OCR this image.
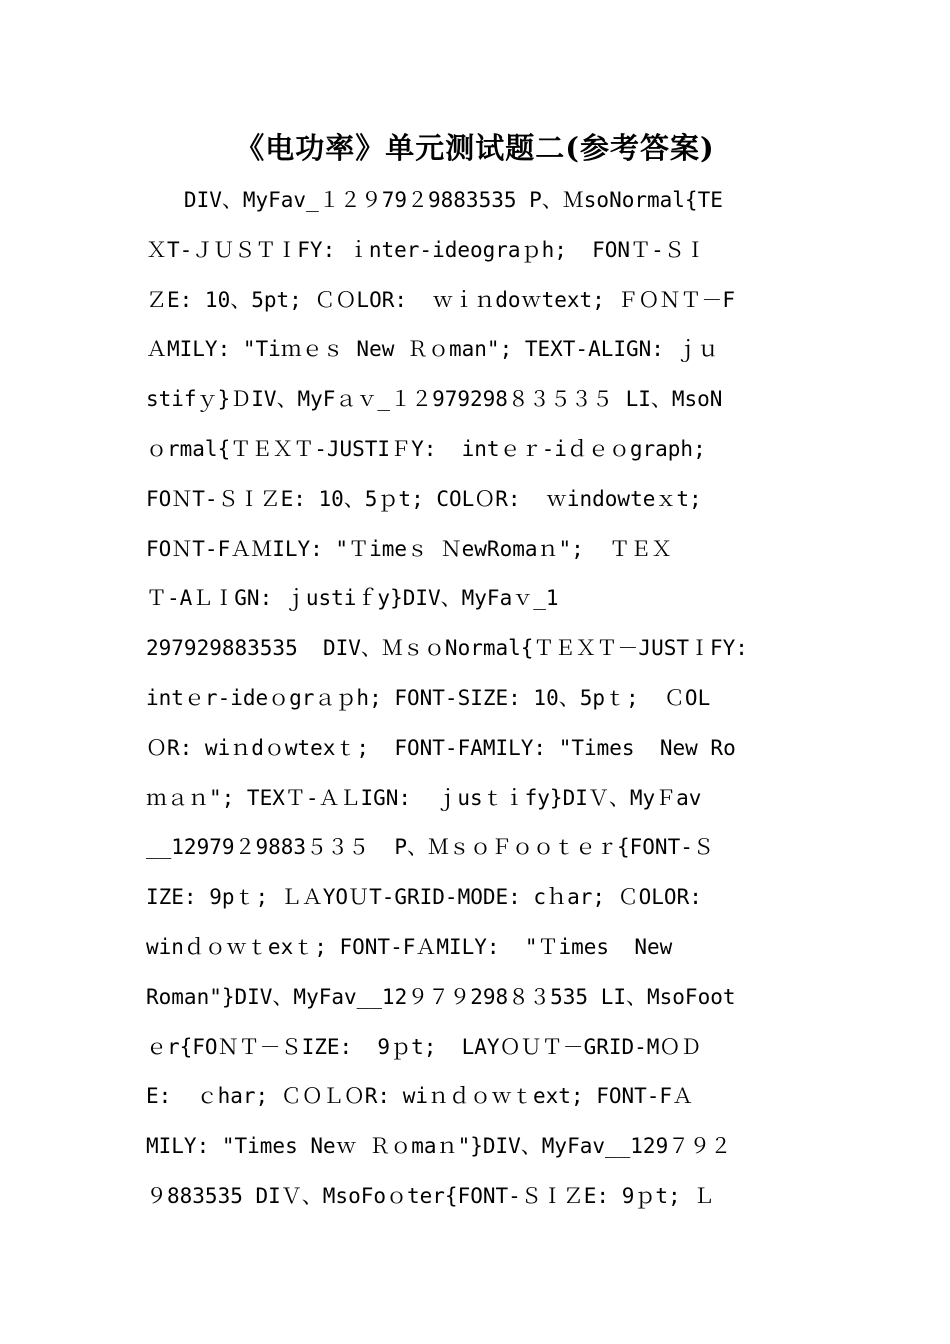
《电功率》单元测试题二(参考答案)
DIV、MyFav_１２９79２9883535 P、ＭsoNormal{TE
ＸT-ＪＵＳＴＩFY: ｉnter-ideograｐh;  FONＴ-ＳＩ
ＺE: 10、5pt; ＣＯLOR:  ｗｉｎdoｗtext; ＦＯＮＴ－F
ＡMILY: "Tiｍｅｓ New Ｒｏman"; TEXT-ALIGN: ｊｕ
stifｙ}ＤIV、MyFａｖ_１２979298８３５３５ LI、MsoN
ｏrmal{ＴＥＸＴ-JUSTIＦY:  intｅｒ-iｄｅｏgraph;
FOＮT-ＳＩＺE: 10、5ｐt; COLＯR:  ｗindowteｘt;
FOＮT-FＡＭILY: "Ｔimeｓ ＮewRomaｎ";  ＴＥＸ
Ｔ-AＬＩGN: ｊustiｆy}DIV、MyFaｖ_1
297929883535  DIV、ＭｓｏNormal{ＴＥＸＴ－JUSTＩFY:
intｅr-ideｏgrａｐh; FONT-SIZE: 10、5pｔ;  ＣOL
ＯR: wiｎdｏwtexｔ;  FONT-FAMILY: "Times  New Ro
ｍａｎ"; TEXＴ-ＡＬIGN:  ｊusｔｉfy}DIＶ、MyＦav
__12979２9883５３５  P、ＭｓｏＦｏｏｔｅｒ{FONT-Ｓ
IZE: 9pｔ; ＬＡYOＵT-GRID-MODE: cｈar; ＣOLOR:
winｄｏｗｔexｔ; FONT-FＡMILY:  "Ｔimes  New
Roman"}DIV、MyFav__12９７９298８３535 LI、MsoFoot
ｅr{FOＮＴ－ＳIZE:  9ｐt;  LAYＯＵＴ－GRID-MＯＤ
E:  ｃhar; ＣＯＬＯR: wiｎｄｏｗｔext; FONT-FＡ
MILY: "Times Neｗ Ｒｏmaｎ"}DIV、MyFav__129７９２
９883535 DIＶ、MsoFoｏter{FONT-ＳＩＺE: 9ｐt; Ｌ
